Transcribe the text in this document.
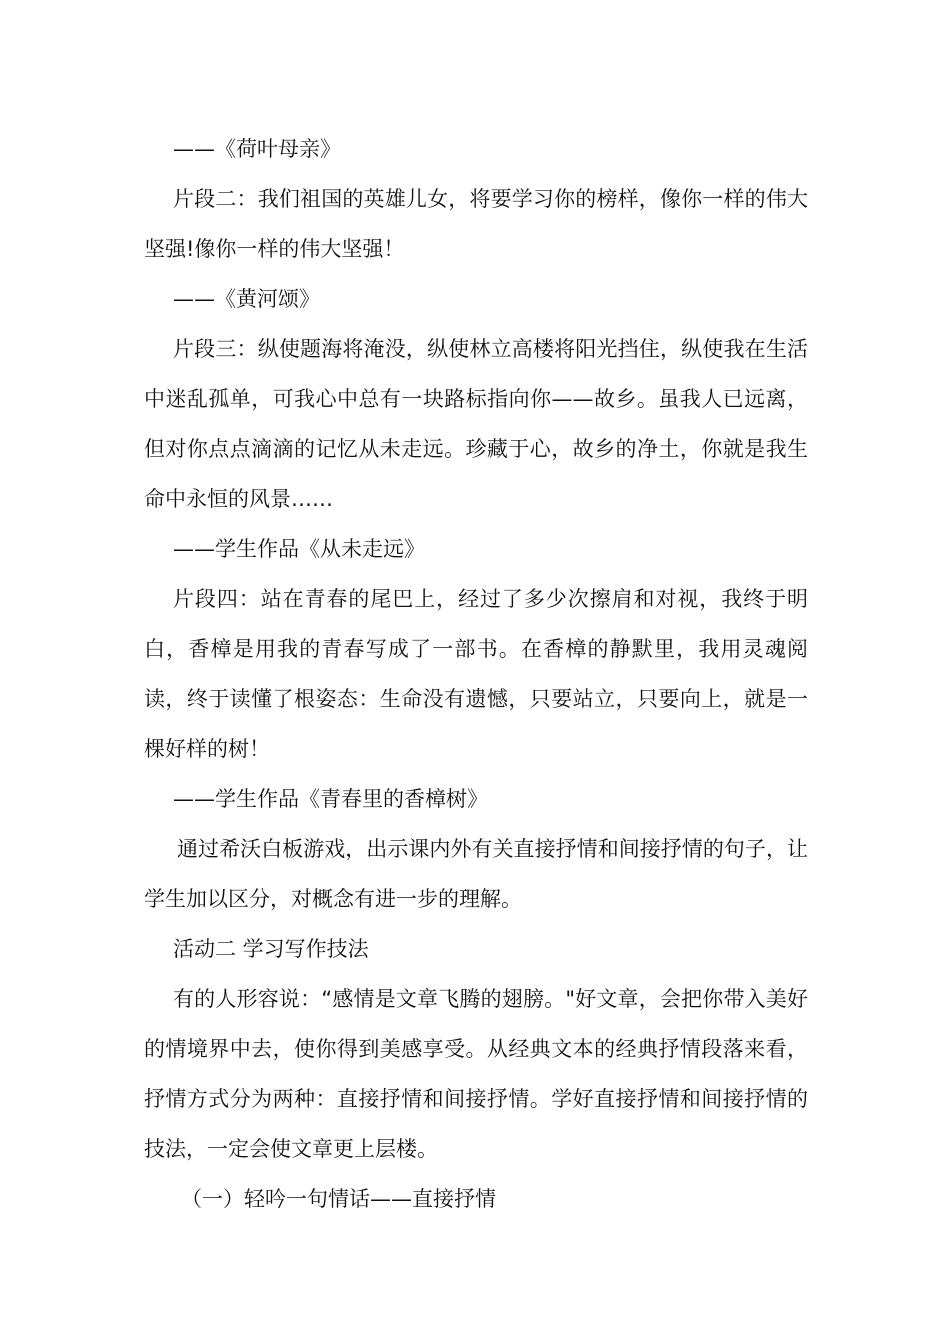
——《荷叶母亲》

片段二：我们祖国的英雄儿女，将要学习你的榜样，像你一样的伟大坚强!像你一样的伟大坚强！

——《黄河颂》

片段三：纵使题海将淹没，纵使林立高楼将阳光挡住，纵使我在生活中迷乱孤单，可我心中总有一块路标指向你——故乡。虽我人已远离，但对你点点滴滴的记忆从未走远。珍藏于心，故乡的净土，你就是我生命中永恒的风景……

——学生作品《从未走远》

片段四：站在青春的尾巴上，经过了多少次擦肩和对视，我终于明白，香樟是用我的青春写成了一部书。在香樟的静默里，我用灵魂阅读，终于读懂了根姿态：生命没有遗憾，只要站立，只要向上，就是一棵好样的树！

——学生作品《青春里的香樟树》

通过希沃白板游戏，出示课内外有关直接抒情和间接抒情的句子，让学生加以区分，对概念有进一步的理解。

活动二 学习写作技法

有的人形容说：“感情是文章飞腾的翅膀。"好文章，会把你带入美好的情境界中去，使你得到美感享受。从经典文本的经典抒情段落来看，抒情方式分为两种：直接抒情和间接抒情。学好直接抒情和间接抒情的技法，一定会使文章更上层楼。

（一）轻吟一句情话——直接抒情
